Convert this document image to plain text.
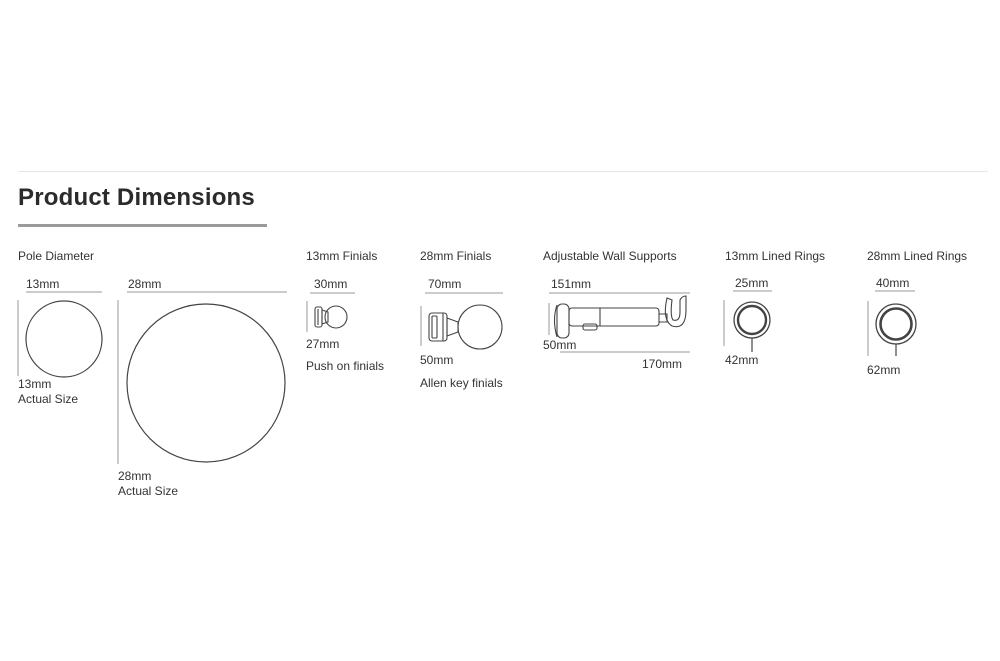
Product Dimensions
Pole Diameter	13mm Finials	28mm Finials	Adjustable Wall Supports	13mm Lined Rings	28mm Lined Rings
13mm
13mm
Actual Size
28mm
28mm
Actual Size
30mm
27mm
Push on finials
70mm
50mm
Allen key finials
151mm
50mm
170mm
25mm
42mm
40mm
62mm
